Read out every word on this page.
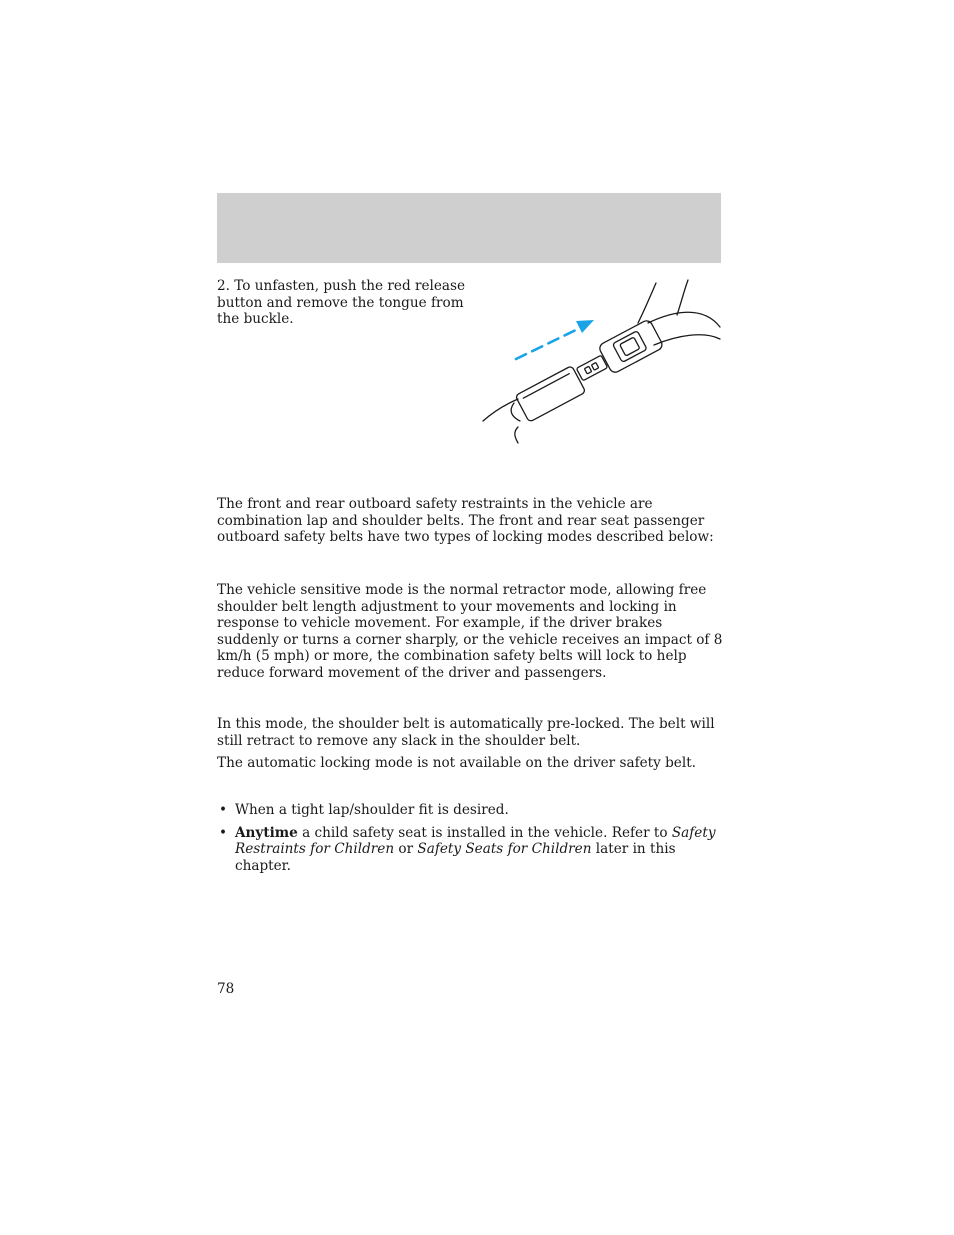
2. To unfasten, push the red release button and remove the tongue from the buckle.

The front and rear outboard safety restraints in the vehicle are combination lap and shoulder belts. The front and rear seat passenger outboard safety belts have two types of locking modes described below:

The vehicle sensitive mode is the normal retractor mode, allowing free shoulder belt length adjustment to your movements and locking in response to vehicle movement. For example, if the driver brakes suddenly or turns a corner sharply, or the vehicle receives an impact of 8 km/h (5 mph) or more, the combination safety belts will lock to help reduce forward movement of the driver and passengers.

In this mode, the shoulder belt is automatically pre-locked. The belt will still retract to remove any slack in the shoulder belt.

The automatic locking mode is not available on the driver safety belt.

• When a tight lap/shoulder fit is desired.
• Anytime a child safety seat is installed in the vehicle. Refer to Safety Restraints for Children or Safety Seats for Children later in this chapter.
78
